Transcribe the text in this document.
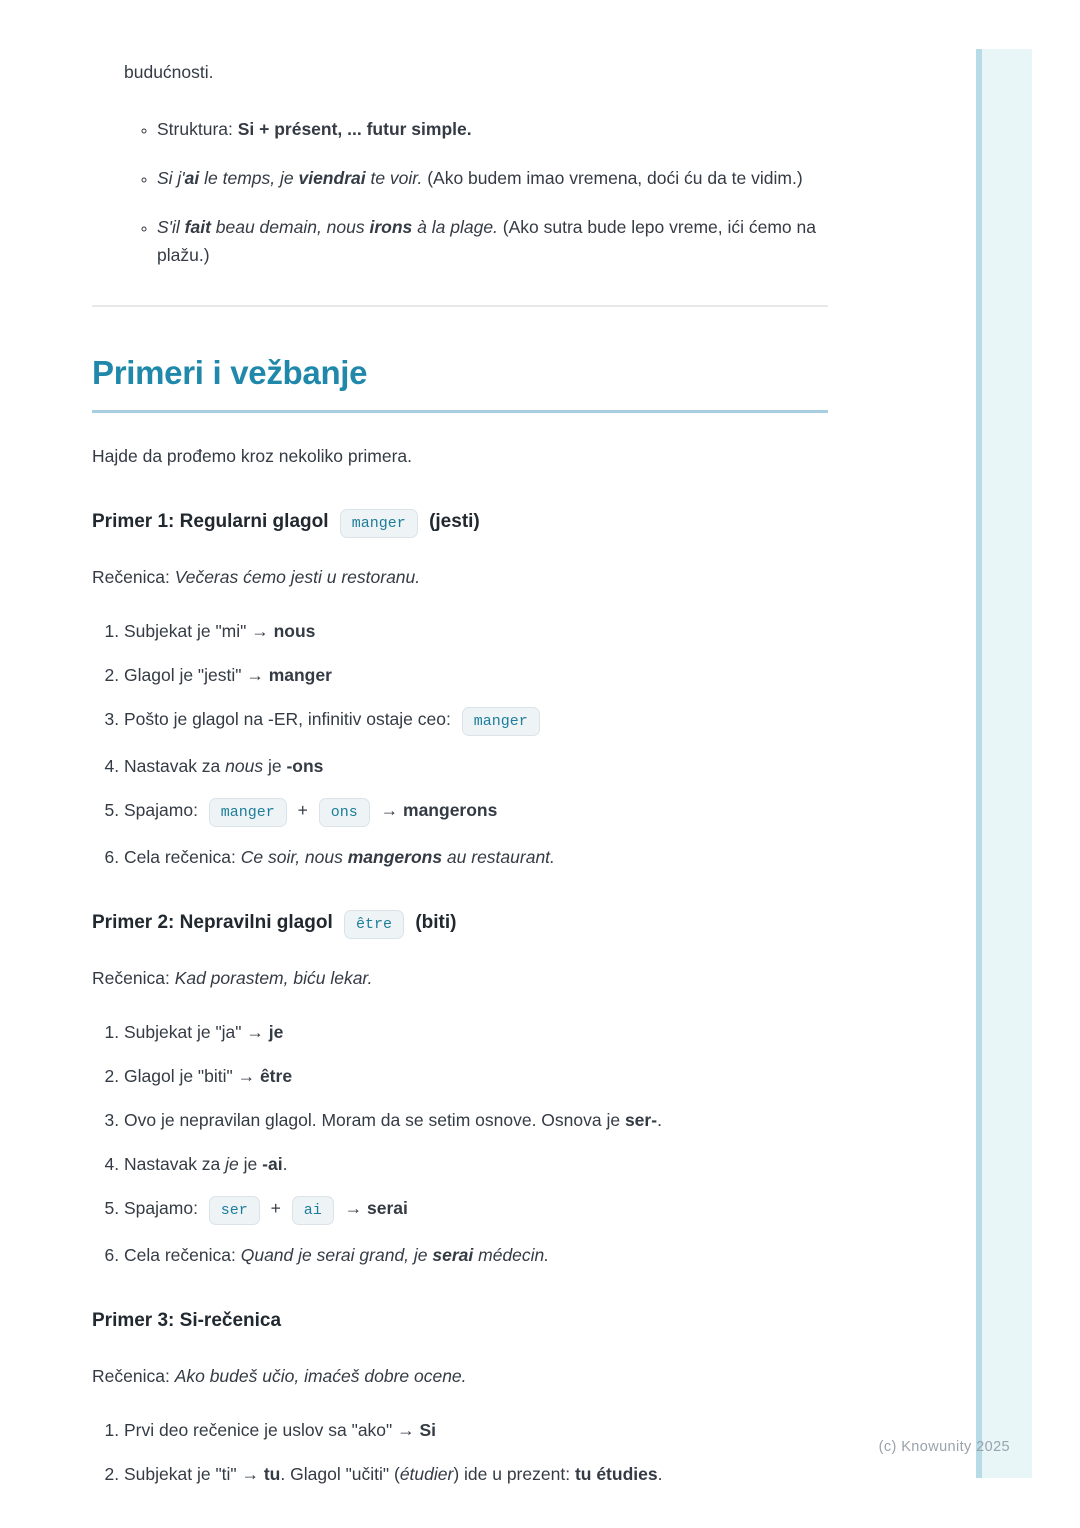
budućnosti.

◦ Struktura: Si + présent, ... futur simple.
◦ Si j'ai le temps, je viendrai te voir. (Ako budem imao vremena, doći ću da te vidim.)
◦ S'il fait beau demain, nous irons à la plage. (Ako sutra bude lepo vreme, ići ćemo na plažu.)
Primeri i vežbanje

Hajde da prođemo kroz nekoliko primera.

Primer 1: Regularni glagol manger (jesti)

Rečenica: Večeras ćemo jesti u restoranu.

1. Subjekat je "mi" → nous
2. Glagol je "jesti" → manger
3. Pošto je glagol na -ER, infinitiv ostaje ceo: manger
4. Nastavak za nous je -ons
5. Spajamo: manger + ons → mangerons
6. Cela rečenica: Ce soir, nous mangerons au restaurant.
Primer 2: Nepravilni glagol être (biti)

Rečenica: Kad porastem, biću lekar.

1. Subjekat je "ja" → je
2. Glagol je "biti" → être
3. Ovo je nepravilan glagol. Moram da se setim osnove. Osnova je ser-.
4. Nastavak za je je -ai.
5. Spajamo: ser + ai → serai
6. Cela rečenica: Quand je serai grand, je serai médecin.
Primer 3: Si-rečenica

Rečenica: Ako budeš učio, imaćeš dobre ocene.

1. Prvi deo rečenice je uslov sa "ako" → Si
2. Subjekat je "ti" → tu. Glagol "učiti" (étudier) ide u prezent: tu étudies.
(c) Knowunity 2025
